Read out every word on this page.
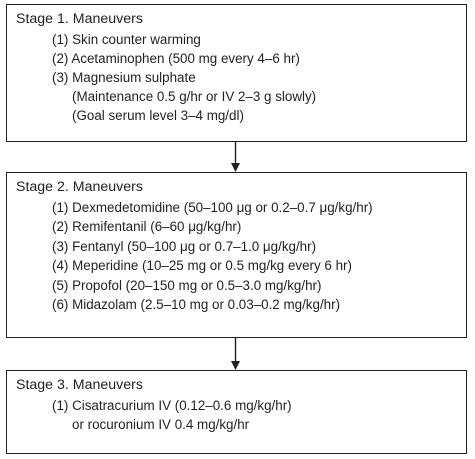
Stage 1. Maneuvers
(1) Skin counter warming
(2) Acetaminophen (500 mg every 4–6 hr)
(3) Magnesium sulphate
(Maintenance 0.5 g/hr or IV 2–3 g slowly)
(Goal serum level 3–4 mg/dl)
Stage 2. Maneuvers
(1) Dexmedetomidine (50–100 μg or 0.2–0.7 μg/kg/hr)
(2) Remifentanil (6–60 μg/kg/hr)
(3) Fentanyl (50–100 μg or 0.7–1.0 μg/kg/hr)
(4) Meperidine (10–25 mg or 0.5 mg/kg every 6 hr)
(5) Propofol (20–150 mg or 0.5–3.0 mg/kg/hr)
(6) Midazolam (2.5–10 mg or 0.03–0.2 mg/kg/hr)
Stage 3. Maneuvers
(1) Cisatracurium IV (0.12–0.6 mg/kg/hr)
or rocuronium IV 0.4 mg/kg/hr
